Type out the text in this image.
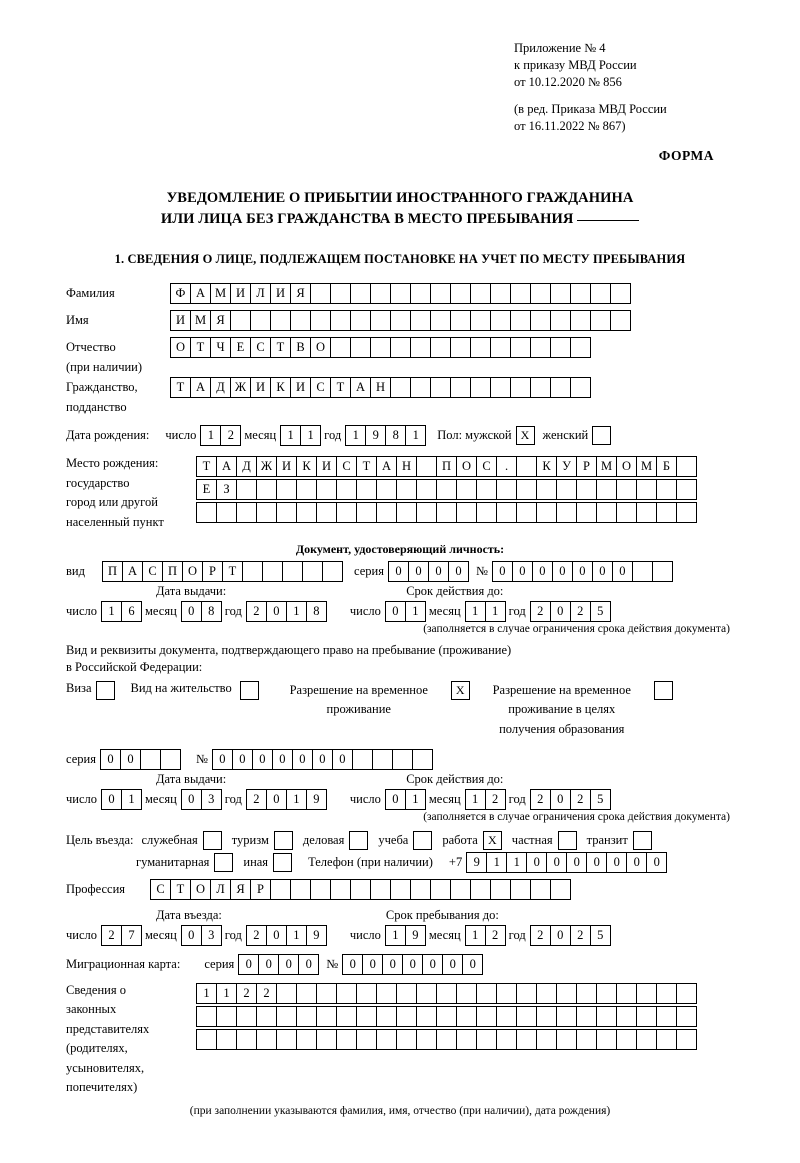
Приложение № 4
к приказу МВД России
от 10.12.2020 № 856
(в ред. Приказа МВД России
от 16.11.2022 № 867)
ФОРМА
УВЕДОМЛЕНИЕ О ПРИБЫТИИ ИНОСТРАННОГО ГРАЖДАНИНА
ИЛИ ЛИЦА БЕЗ ГРАЖДАНСТВА В МЕСТО ПРЕБЫВАНИЯ
1. СВЕДЕНИЯ О ЛИЦЕ, ПОДЛЕЖАЩЕМ ПОСТАНОВКЕ НА УЧЕТ ПО МЕСТУ ПРЕБЫВАНИЯ
Фамилия	Ф А М И Л И Я
Имя	И М Я
Отчество	О Т Ч Е С Т В О
(при наличии)
Гражданство,	Т А Д Ж И К И С Т А Н
подданство
Дата рождения: число 1	2 месяц 1	1 год 1	9	8	1	Пол: мужской Х	женский
Место рождения:
государство
город или другой
населенный пункт
Т А Д Ж И К И С Т А Н	П О С	.	К У Р М О М Б
Е	З
Документ, удостоверяющий личность:
вид	П А С П О Р	Т	серия 0	0	0	0	№ 0	0	0	0	0	0	0
Дата выдачи:	Срок действия до:
число 1	6 месяц 0	8 год 2	0	1	8	число 0	1 месяц 1	1 год 2	0	2	5
(заполняется в случае ограничения срока действия документа)
Вид и реквизиты документа, подтверждающего право на пребывание (проживание)
в Российской Федерации:
Виза	Вид на жительство	Разрешение на временное
проживание
Х	Разрешение на временное
проживание в целях
получения образования
серия 0	0	№ 0	0	0	0	0	0	0
Дата выдачи:	Срок действия до:
число 0	1 месяц 0	3 год 2	0	1	9	число 0	1 месяц 1	2 год 2	0	2	5
(заполняется в случае ограничения срока действия документа)
Цель въезда: служебная	туризм	деловая	учеба	работа Х	частная	транзит
гуманитарная	иная	Телефон (при наличии) +7 9	1	1	0	0	0	0	0	0	0
Профессия	С Т О Л Я Р
Дата въезда:	Срок пребывания до:
число 2	7 месяц 0	3 год 2	0	1	9	число 1	9 месяц 1	2 год 2	0	2	5
Миграционная карта: серия 0	0	0	0	№ 0	0	0	0	0	0	0
Сведения о
законных
представителях
(родителях,
усыновителях,
попечителях)
1	1	2	2
(при заполнении указываются фамилия, имя, отчество (при наличии), дата рождения)
